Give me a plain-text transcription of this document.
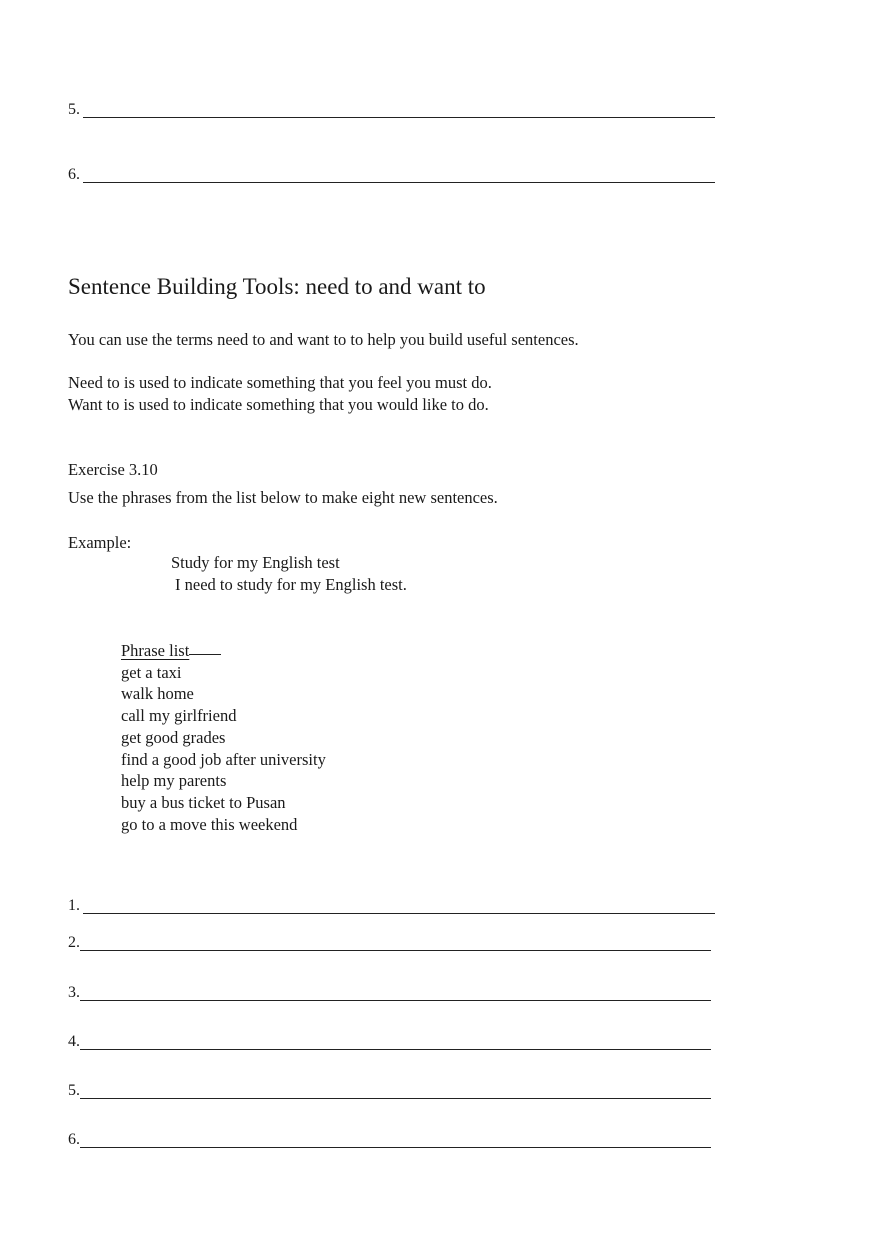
5.
6.
Sentence Building Tools: need to and want to
You can use the terms need to and want to to help you build useful sentences.
Need to is used to indicate something that you feel you must do.
Want to is used to indicate something that you would like to do.
Exercise 3.10
Use the phrases from the list below to make eight new sentences.
Example:
Study for my English test
I need to study for my English test.
Phrase list
get a taxi
walk home
call my girlfriend
get good grades
find a good job after university
help my parents
buy a bus ticket to Pusan
go to a move this weekend
1.
2.
3.
4.
5.
6.
